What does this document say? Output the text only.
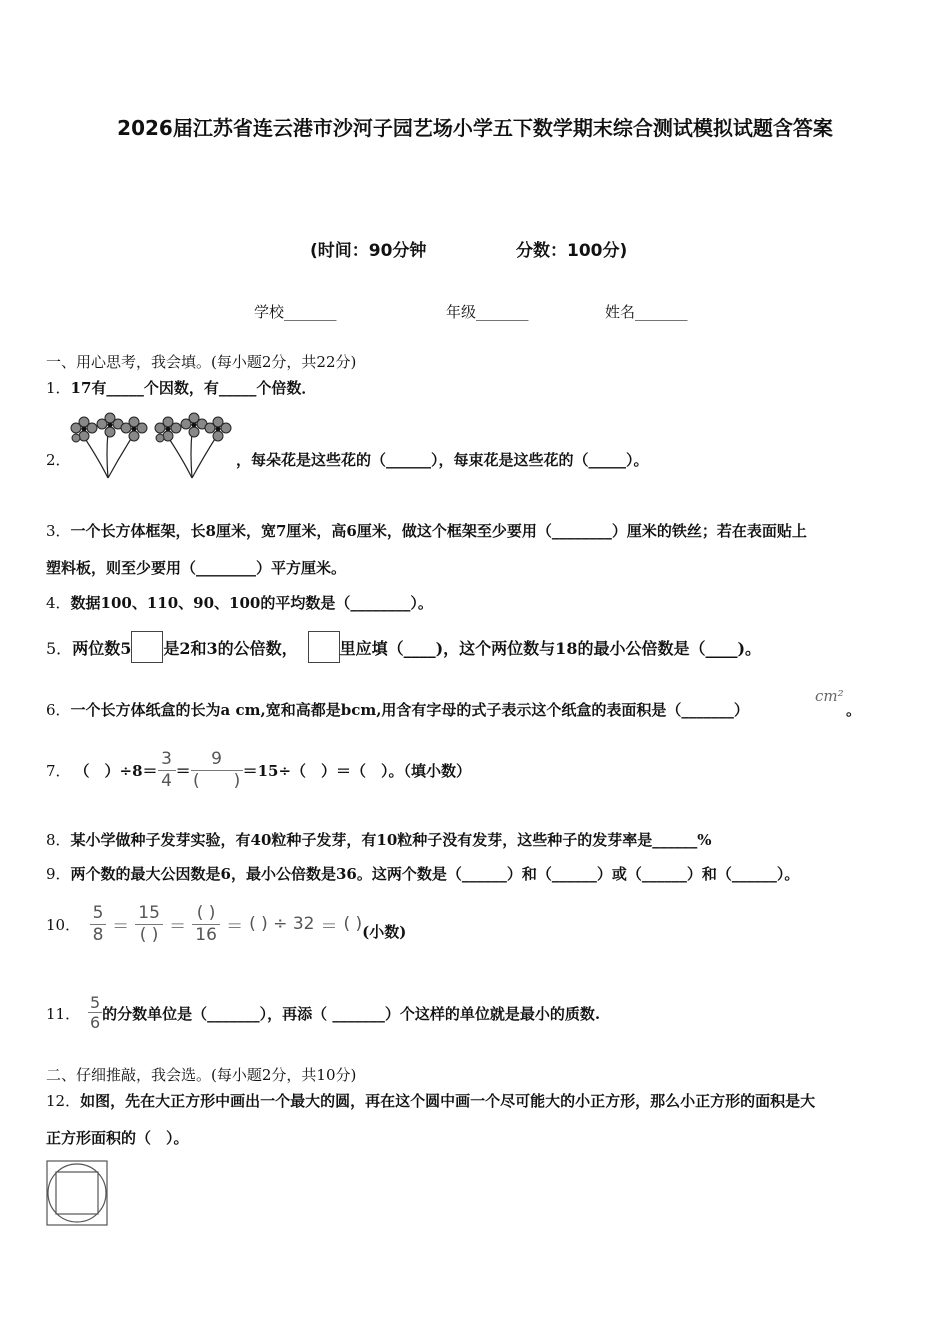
2026届江苏省连云港市沙河子园艺场小学五下数学期末综合测试模拟试题含答案
(时间：90分钟	分数：100分)
学校_______	年级_______	姓名_______
一、用心思考，我会填。(每小题2分，共22分)
1．17有_____个因数，有_____个倍数．
2．	，每朵花是这些花的（______），每束花是这些花的（_____）。
3．一个长方体框架，长8厘米，宽7厘米，高6厘米，做这个框架至少要用（________）厘米的铁丝；若在表面贴上
塑料板，则至少要用（________）平方厘米。
4．数据100、110、90、100的平均数是（________）。
5．两位数5 是2和3的公倍数，	里应填（____)，这个两位数与18的最小公倍数是（____)。
6．一个长方体纸盒的长为a cm,宽和高都是bcm,用含有字母的式子表示这个纸盒的表面积是（_______）
cm²
。
7． （　）$\div 8= \frac{3}{4} = \frac{9}{( )} =15\div$（　）＝（　）。（填小数）
8．某小学做种子发芽实验，有40粒种子发芽，有10粒种子没有发芽，这些种子的发芽率是______%
9．两个数的最大公因数是6，最小公倍数是36。这两个数是（______）和（______）或（______）和（______）。
10． $\frac{5}{8} = \frac{15}{( )} = \frac{( )}{16}$ ＝ ( ) ÷ 32 ＝ ( ) (小数)
11． $\frac{5}{6}$ 的分数单位是（_______），再添（ _______）个这样的单位就是最小的质数.
二、仔细推敲，我会选。(每小题2分，共10分)
12．如图，先在大正方形中画出一个最大的圆，再在这个圆中画一个尽可能大的小正方形，那么小正方形的面积是大
正方形面积的（　）。
